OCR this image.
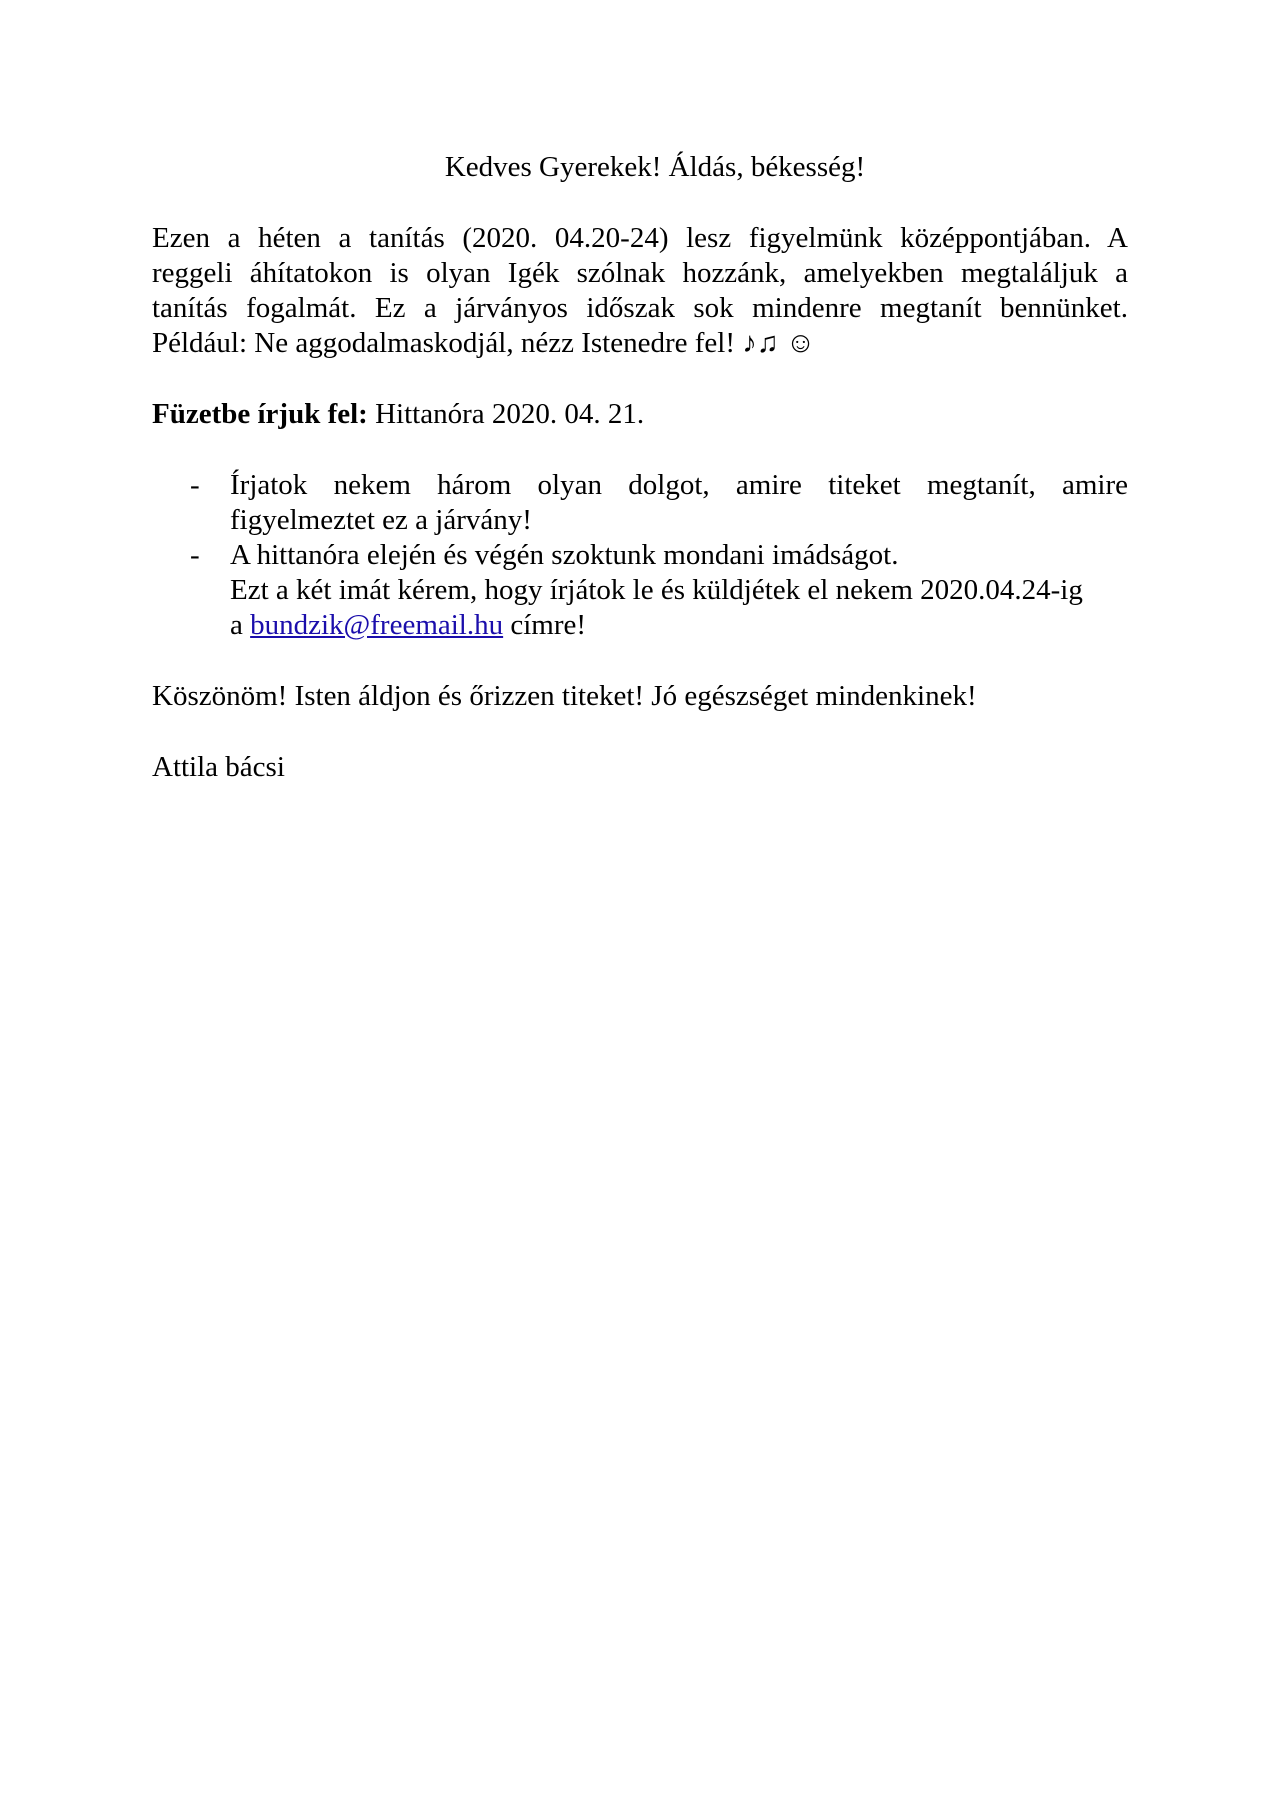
Kedves Gyerekek! Áldás, békesség!

Ezen a héten a tanítás (2020. 04.20-24) lesz figyelmünk középpontjában. A

reggeli áhítatokon is olyan Igék szólnak hozzánk, amelyekben megtaláljuk a

tanítás fogalmát. Ez a járványos időszak sok mindenre megtanít bennünket.

Például: Ne aggodalmaskodjál, nézz Istenedre fel! ♪♫ ☺

Füzetbe írjuk fel: Hittanóra 2020. 04. 21.

- Írjatok nekem három olyan dolgot, amire titeket megtanít, amire
figyelmeztet ez a járvány!
- A hittanóra elején és végén szoktunk mondani imádságot.
Ezt a két imát kérem, hogy írjátok le és küldjétek el nekem 2020.04.24-ig
a bundzik@freemail.hu címre!

Köszönöm! Isten áldjon és őrizzen titeket! Jó egészséget mindenkinek!

Attila bácsi
